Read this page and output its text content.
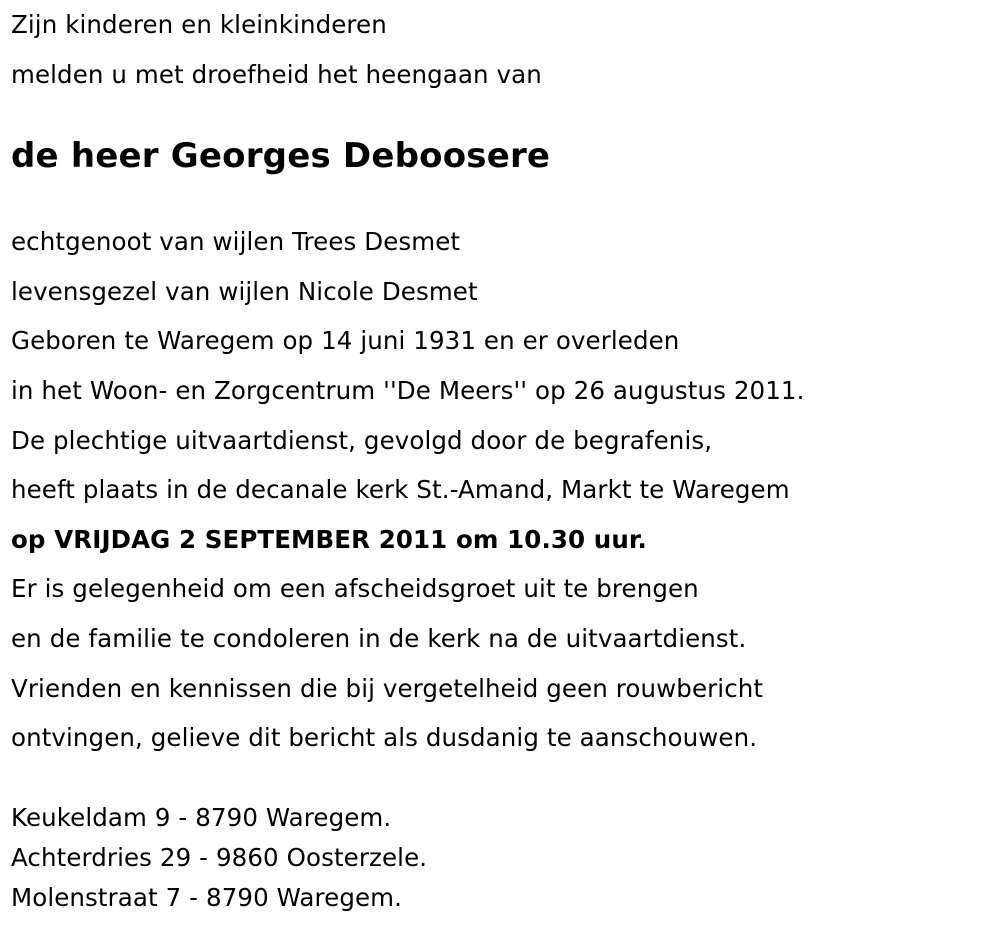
Zijn kinderen en kleinkinderen
melden u met droefheid het heengaan van
de heer Georges Deboosere
echtgenoot van wijlen Trees Desmet
levensgezel van wijlen Nicole Desmet
Geboren te Waregem op 14 juni 1931 en er overleden
in het Woon- en Zorgcentrum ''De Meers'' op 26 augustus 2011.
De plechtige uitvaartdienst, gevolgd door de begrafenis,
heeft plaats in de decanale kerk St.-Amand, Markt te Waregem
op VRIJDAG 2 SEPTEMBER 2011 om 10.30 uur.
Er is gelegenheid om een afscheidsgroet uit te brengen
en de familie te condoleren in de kerk na de uitvaartdienst.
Vrienden en kennissen die bij vergetelheid geen rouwbericht
ontvingen, gelieve dit bericht als dusdanig te aanschouwen.
Keukeldam 9 - 8790 Waregem.
Achterdries 29 - 9860 Oosterzele.
Molenstraat 7 - 8790 Waregem.
